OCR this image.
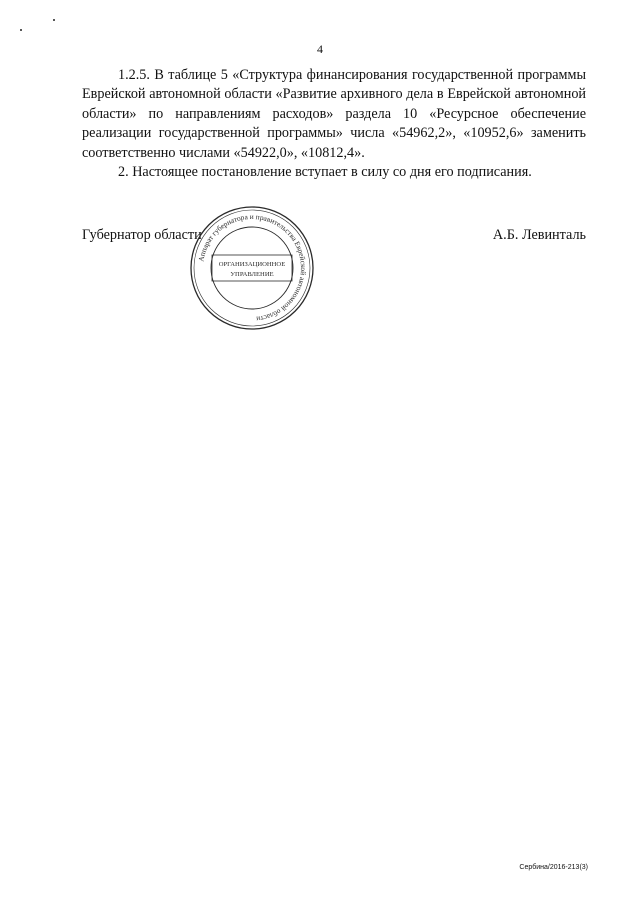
4

1.2.5. В таблице 5 «Структура финансирования государственной программы Еврейской автономной области «Развитие архивного дела в Еврейской автономной области» по направлениям расходов» раздела 10 «Ресурсное обеспечение реализации государственной программы» числа «54962,2», «10952,6» заменить соответственно числами «54922,0», «10812,4».

2. Настоящее постановление вступает в силу со дня его подписания.

Губернатор области	А.Б. Левинталь
Аппарат губернатора и правительства Еврейской автономной области
ОРГАНИЗАЦИОННОЕ
УПРАВЛЕНИЕ
Сербина/2016-213(3)
